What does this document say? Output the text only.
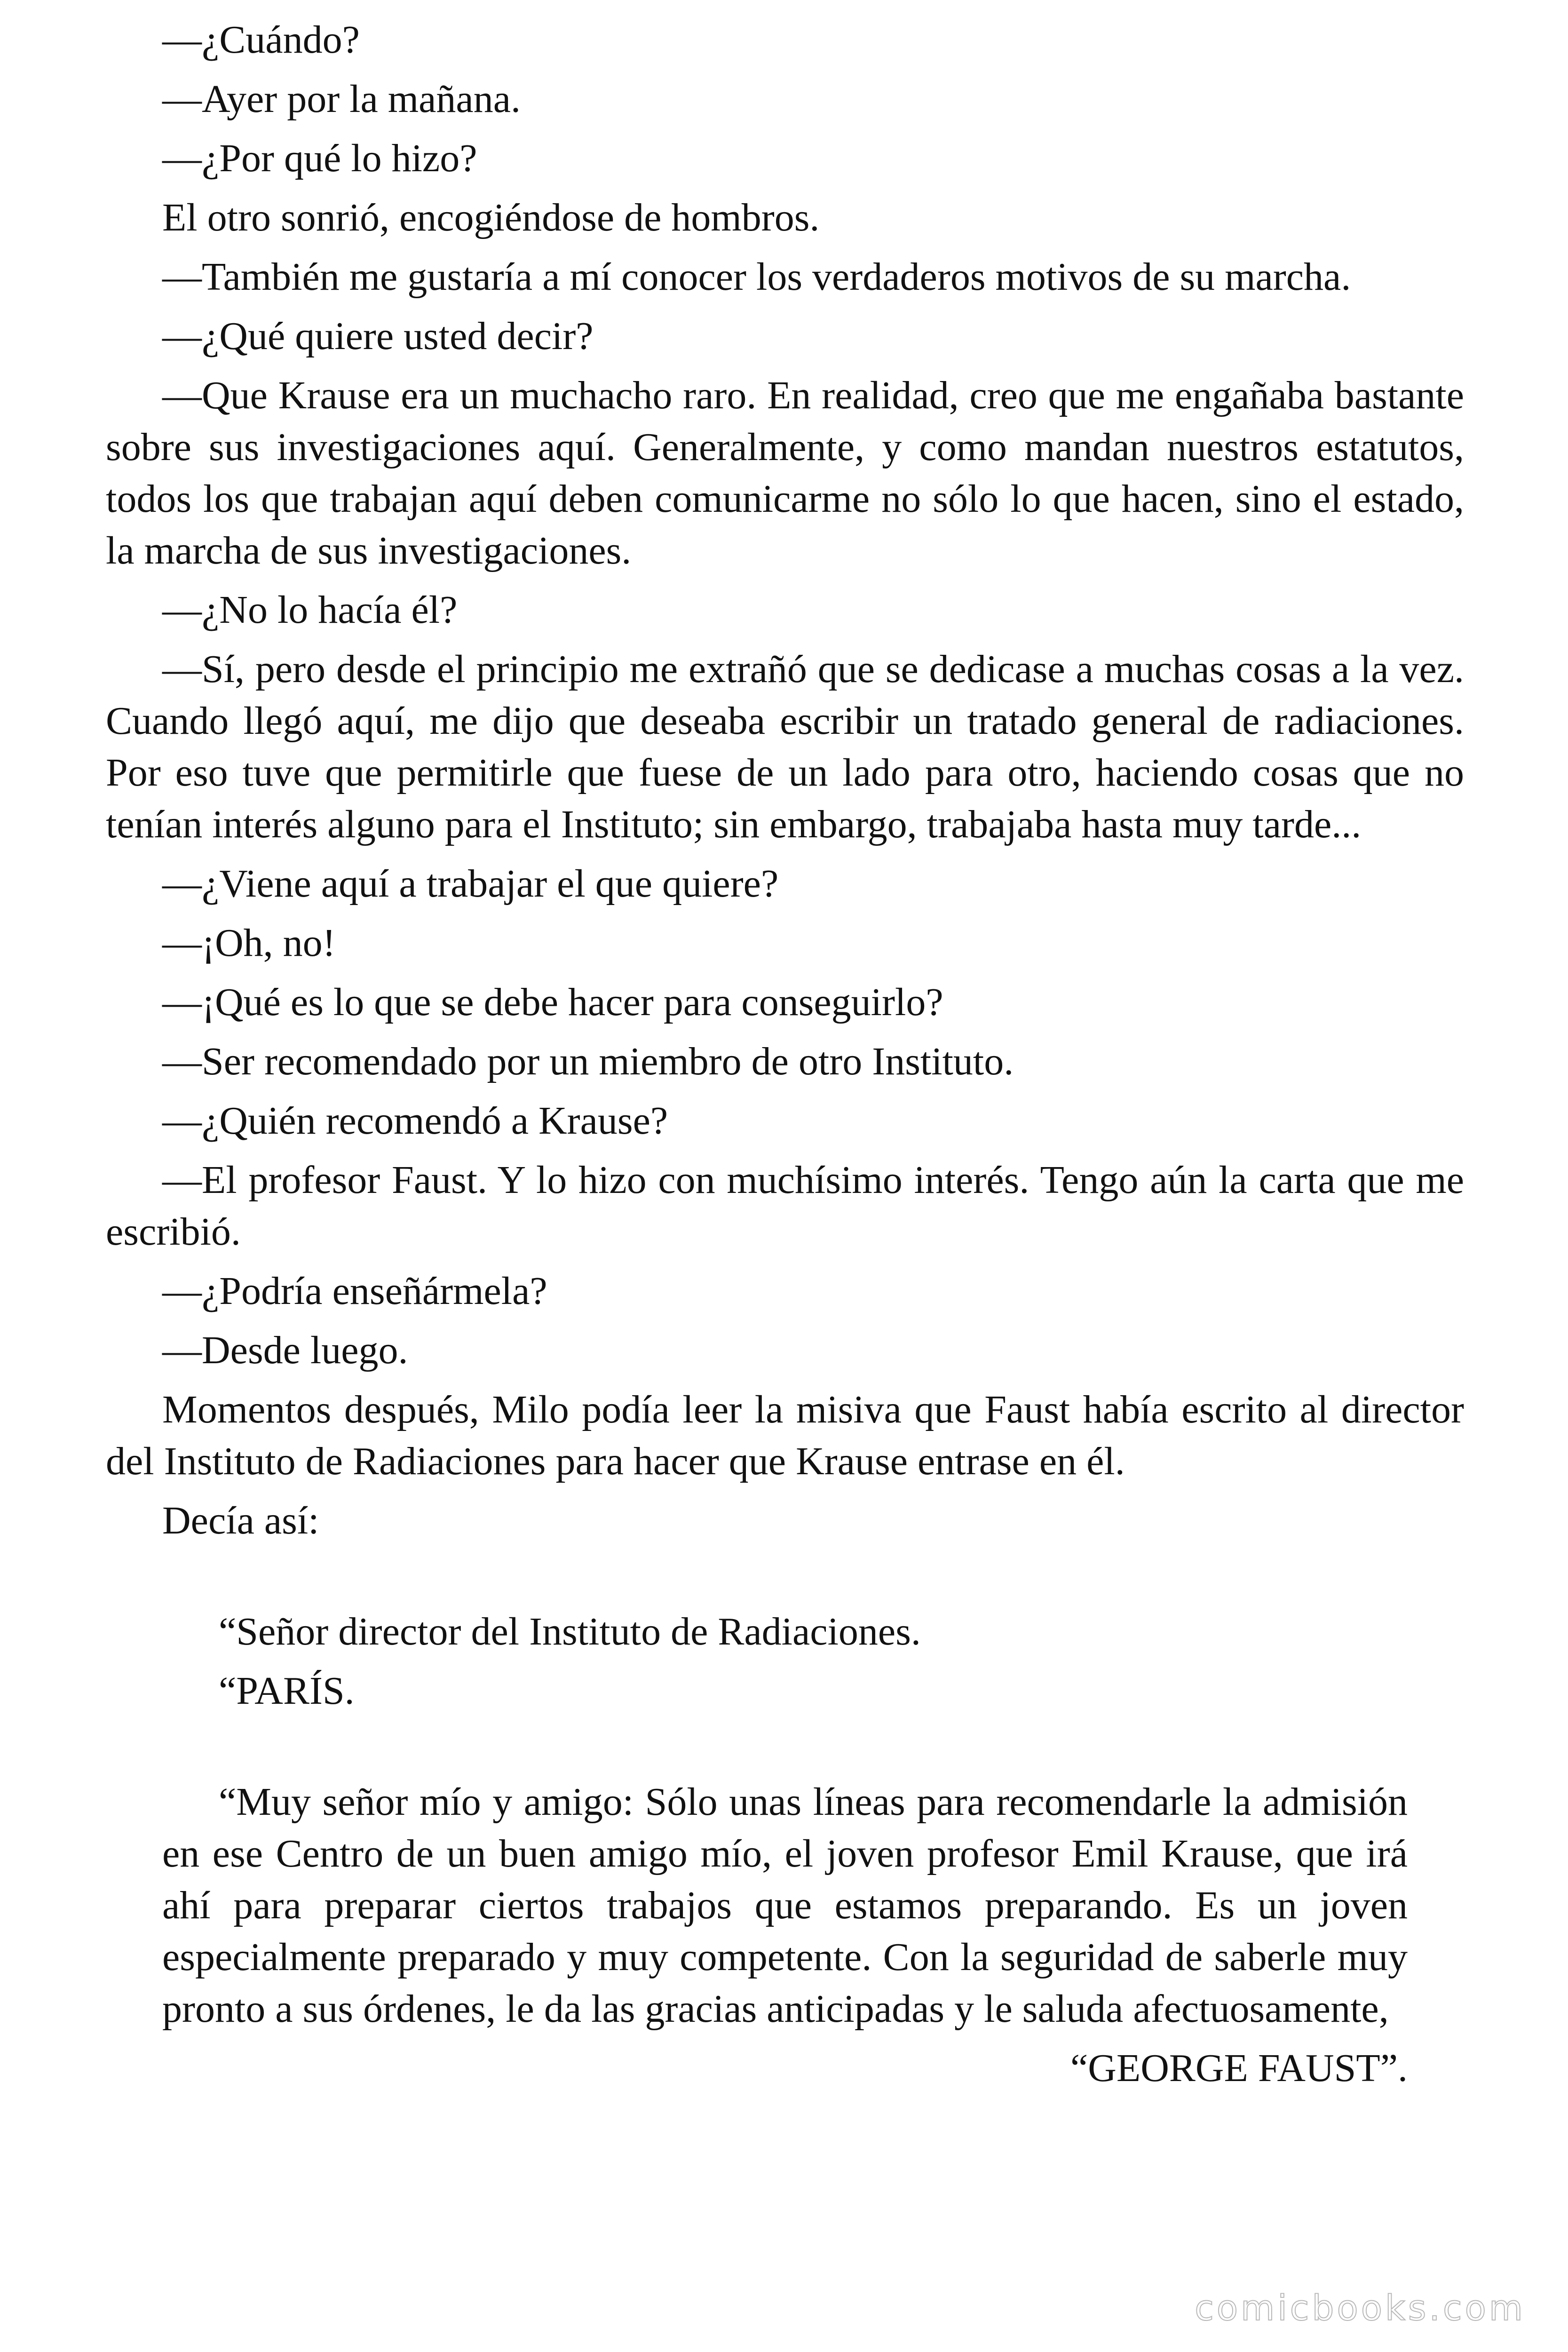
—¿Cuándo?

—Ayer por la mañana.

—¿Por qué lo hizo?

El otro sonrió, encogiéndose de hombros.

—También me gustaría a mí conocer los verdaderos motivos de su marcha.

—¿Qué quiere usted decir?

—Que Krause era un muchacho raro. En realidad, creo que me engañaba bastante sobre sus investigaciones aquí. Generalmente, y como mandan nuestros estatutos, todos los que trabajan aquí deben comunicarme no sólo lo que hacen, sino el estado, la marcha de sus investigaciones.

—¿No lo hacía él?

—Sí, pero desde el principio me extrañó que se dedicase a muchas cosas a la vez. Cuando llegó aquí, me dijo que deseaba escribir un tratado general de radiaciones. Por eso tuve que permitirle que fuese de un lado para otro, haciendo cosas que no tenían interés alguno para el Instituto; sin embargo, trabajaba hasta muy tarde...

—¿Viene aquí a trabajar el que quiere?

—¡Oh, no!

—¡Qué es lo que se debe hacer para conseguirlo?

—Ser recomendado por un miembro de otro Instituto.

—¿Quién recomendó a Krause?

—El profesor Faust. Y lo hizo con muchísimo interés. Tengo aún la carta que me escribió.

—¿Podría enseñármela?

—Desde luego.

Momentos después, Milo podía leer la misiva que Faust había escrito al director del Instituto de Radiaciones para hacer que Krause entrase en él.

Decía así:

“Señor director del Instituto de Radiaciones.

“PARÍS.

“Muy señor mío y amigo: Sólo unas líneas para recomendarle la admisión en ese Centro de un buen amigo mío, el joven profesor Emil Krause, que irá ahí para preparar ciertos trabajos que estamos preparando. Es un joven especialmente preparado y muy competente. Con la seguridad de saberle muy pronto a sus órdenes, le da las gracias anticipadas y le saluda afectuosamente,

“GEORGE FAUST”.

comicbooks.com
